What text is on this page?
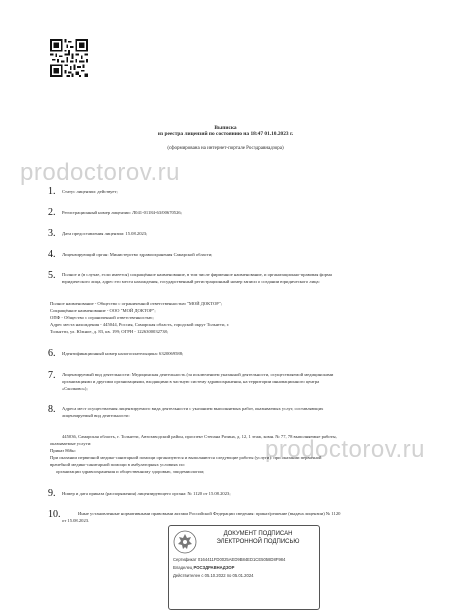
Выписка
из реестра лицензий по состоянию на 18:47 01.10.2023 г.
(сформирована на интернет-портале Росздравнадзора)
prodoctorov.ru
prodoctorov.ru
1. Статус лицензии: действует;
2. Регистрационный номер лицензии: Л041-01184-63/00670526;
3. Дата предоставления лицензии: 15.08.2023;
4. Лицензирующий орган: Министерство здравоохранения Самарской области;
5. Полное и (в случае, если имеется) сокращённое наименование, в том числе фирменное наименование, и организационно-правовая форма
юридического лица, адрес его места нахождения, государственный регистрационный номер записи о создании юридического лица:
Полное наименование - Общество с ограниченной ответственностью "МОЙ ДОКТОР";
Сокращённое наименование - ООО "МОЙ ДОКТОР";
ОПФ - Общество с ограниченной ответственностью;
Адрес места нахождения - 445044, Россия, Самарская область, городской округ Тольятти, г.
Тольятти, ул. Южное, д. 83, кв. 199; ОГРН - 1226300032738;
6. Идентификационный номер налогоплательщика: 6320069588;
7. Лицензируемый вид деятельности: Медицинская деятельность (за исключением указанной деятельности, осуществляемой медицинскими
организациями и другими организациями, входящими в частную систему здравоохранения, на территории инновационного центра
«Сколково»);
8. Адреса мест осуществления лицензируемого вида деятельности с указанием выполняемых работ, оказываемых услуг, составляющих
лицензируемый вид деятельности:
445036, Самарская область, г. Тольятти, Автозаводский район, проспект Степана Разина, д. 12, 1 этаж, комн. № 77, 78 выполняемые работы,
оказываемые услуги:
Приказ 866н:
При оказании первичной медико-санитарной помощи организуются и выполняются следующие работы (услуги): при оказании первичной
врачебной медико-санитарной помощи в амбулаторных условиях по:
организации здравоохранения и общественному здоровью, эпидемиологии;
9. Номер и дата приказа (распоряжения) лицензирующего органа: № 1120 от 15.08.2023;
10.	Иные установленные нормативными правовыми актами Российской Федерации сведения: приказ/решение (выдача лицензии) № 1120
от 15.08.2023.
ДОКУМЕНТ ПОДПИСАН
ЭЛЕКТРОННОЙ ПОДПИСЬЮ
Сертификат 0164411FD0025AED9B84ED1CE5058D8F984
Владелец РОСЗДРАВНАДЗОР
Действителен с 05.10.2022 по 05.01.2024
